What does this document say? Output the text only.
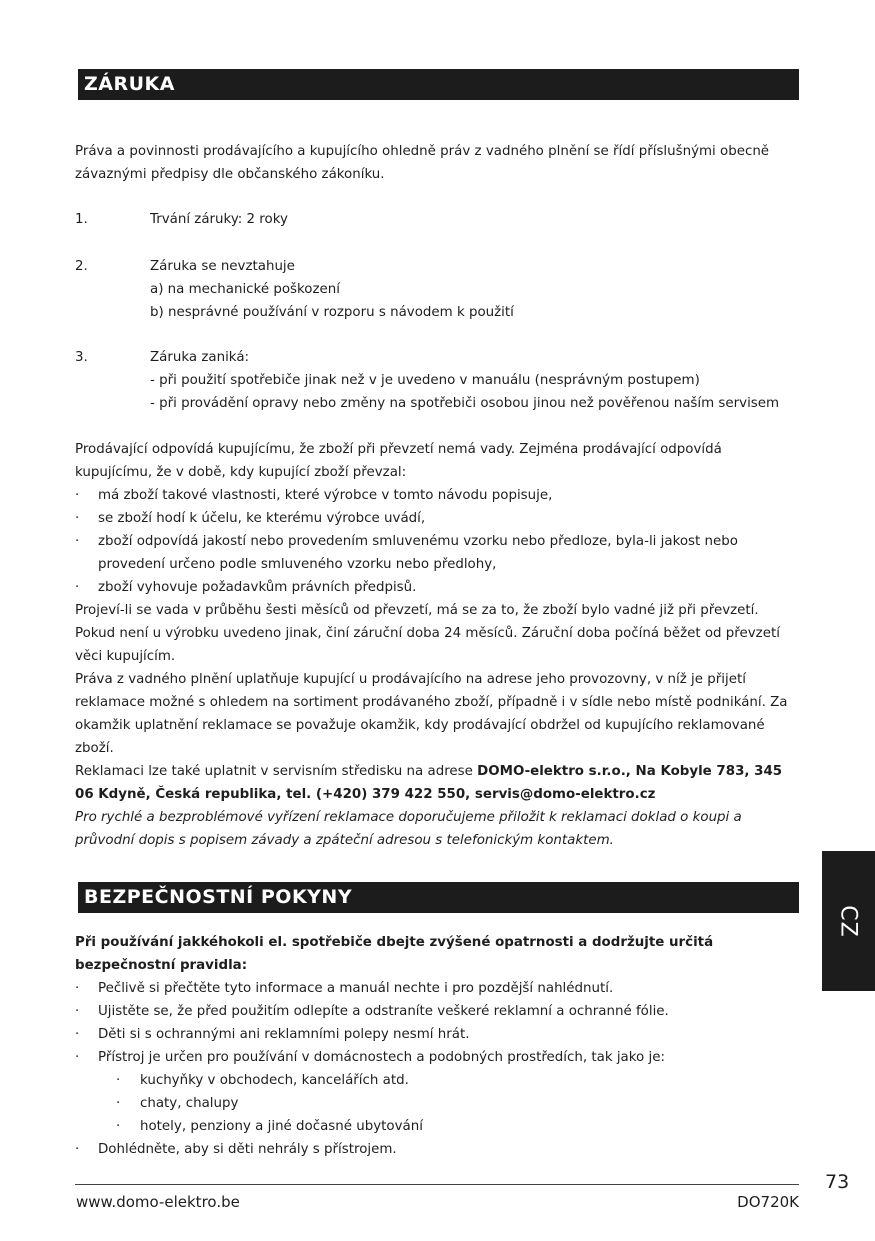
ZÁRUKA
Práva a povinnosti prodávajícího a kupujícího ohledně práv z vadného plnění se řídí příslušnými obecně závaznými předpisy dle občanského zákoníku.
1.	Trvání záruky: 2 roky
2.	Záruka se nevztahuje
a) na mechanické poškození
b) nesprávné používání v rozporu s návodem k použití
3.	Záruka zaniká:
- při použití spotřebiče jinak než v je uvedeno v manuálu (nesprávným postupem)
- při provádění opravy nebo změny na spotřebiči osobou jinou než pověřenou naším servisem
Prodávající odpovídá kupujícímu, že zboží při převzetí nemá vady. Zejména prodávající odpovídá kupujícímu, že v době, kdy kupující zboží převzal:
· má zboží takové vlastnosti, které výrobce v tomto návodu popisuje,
· se zboží hodí k účelu, ke kterému výrobce uvádí,
· zboží odpovídá jakostí nebo provedením smluvenému vzorku nebo předloze, byla-li jakost nebo provedení určeno podle smluveného vzorku nebo předlohy,
· zboží vyhovuje požadavkům právních předpisů.
Projeví-li se vada v průběhu šesti měsíců od převzetí, má se za to, že zboží bylo vadné již při převzetí. Pokud není u výrobku uvedeno jinak, činí záruční doba 24 měsíců. Záruční doba počíná běžet od převzetí věci kupujícím.
Práva z vadného plnění uplatňuje kupující u prodávajícího na adrese jeho provozovny, v níž je přijetí reklamace možné s ohledem na sortiment prodávaného zboží, případně i v sídle nebo místě podnikání. Za okamžik uplatnění reklamace se považuje okamžik, kdy prodávající obdržel od kupujícího reklamované zboží.
Reklamaci lze také uplatnit v servisním středisku na adrese DOMO-elektro s.r.o., Na Kobyle 783, 345 06 Kdyně, Česká republika, tel. (+420) 379 422 550, servis@domo-elektro.cz
Pro rychlé a bezproblémové vyřízení reklamace doporučujeme přiložit k reklamaci doklad o koupi a průvodní dopis s popisem závady a zpáteční adresou s telefonickým kontaktem.
BEZPEČNOSTNÍ POKYNY
Při používání jakkéhokoli el. spotřebiče dbejte zvýšené opatrnosti a dodržujte určitá bezpečnostní pravidla:
· Pečlivě si přečtěte tyto informace a manuál nechte i pro pozdější nahlédnutí.
· Ujistěte se, že před použitím odlepíte a odstraníte veškeré reklamní a ochranné fólie.
· Děti si s ochrannými ani reklamními polepy nesmí hrát.
· Přístroj je určen pro používání v domácnostech a podobných prostředích, tak jako je:
· kuchyňky v obchodech, kancelářích atd.
· chaty, chalupy
· hotely, penziony a jiné dočasné ubytování
· Dohlédněte, aby si děti nehrály s přístrojem.
CZ
73
www.domo-elektro.be	DO720K
